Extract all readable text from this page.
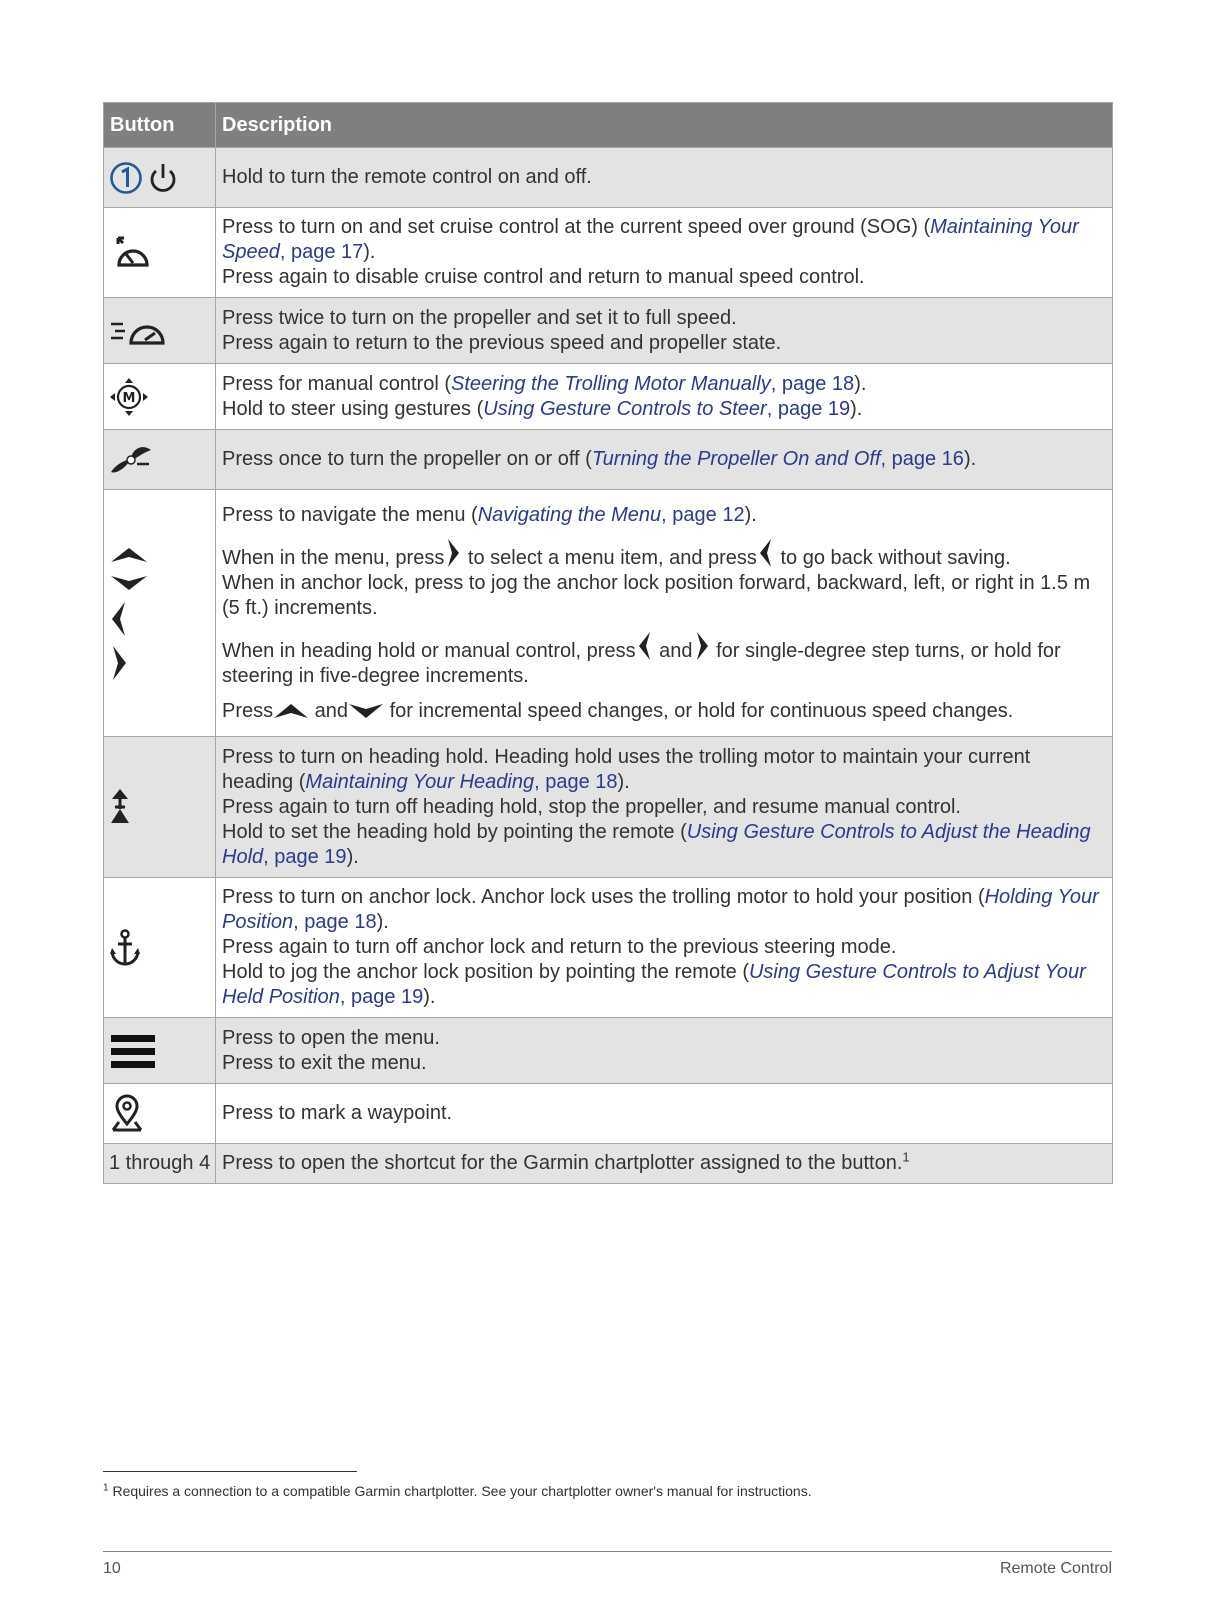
Button	Description

	Hold to turn the remote control on and off.

Press to turn on and set cruise control at the current speed over ground (SOG) (Maintaining Your Speed, page 17).
Press again to disable cruise control and return to manual speed control.

Press twice to turn on the propeller and set it to full speed.
Press again to return to the previous speed and propeller state.

M	Press for manual control (Steering the Trolling Motor Manually, page 18).
Hold to steer using gestures (Using Gesture Controls to Steer, page 19).

	Press once to turn the propeller on or off (Turning the Propeller On and Off, page 16).

Press to navigate the menu (Navigating the Menu, page 12).
When in the menu, press to select a menu item, and press to go back without saving.
When in anchor lock, press to jog the anchor lock position forward, backward, left, or right in 1.5 m (5 ft.) increments.
When in heading hold or manual control, press and for single-degree step turns, or hold for steering in five-degree increments.
Press and for incremental speed changes, or hold for continuous speed changes.

Press to turn on heading hold. Heading hold uses the trolling motor to maintain your current heading (Maintaining Your Heading, page 18).
Press again to turn off heading hold, stop the propeller, and resume manual control.
Hold to set the heading hold by pointing the remote (Using Gesture Controls to Adjust the Heading Hold, page 19).

Press to turn on anchor lock. Anchor lock uses the trolling motor to hold your position (Holding Your Position, page 18).
Press again to turn off anchor lock and return to the previous steering mode.
Hold to jog the anchor lock position by pointing the remote (Using Gesture Controls to Adjust Your Held Position, page 19).

Press to open the menu.
Press to exit the menu.

	Press to mark a waypoint.
1 through 4	Press to open the shortcut for the Garmin chartplotter assigned to the button.$^1$
$^1$ Requires a connection to a compatible Garmin chartplotter. See your chartplotter owner's manual for instructions.
10	Remote Control
